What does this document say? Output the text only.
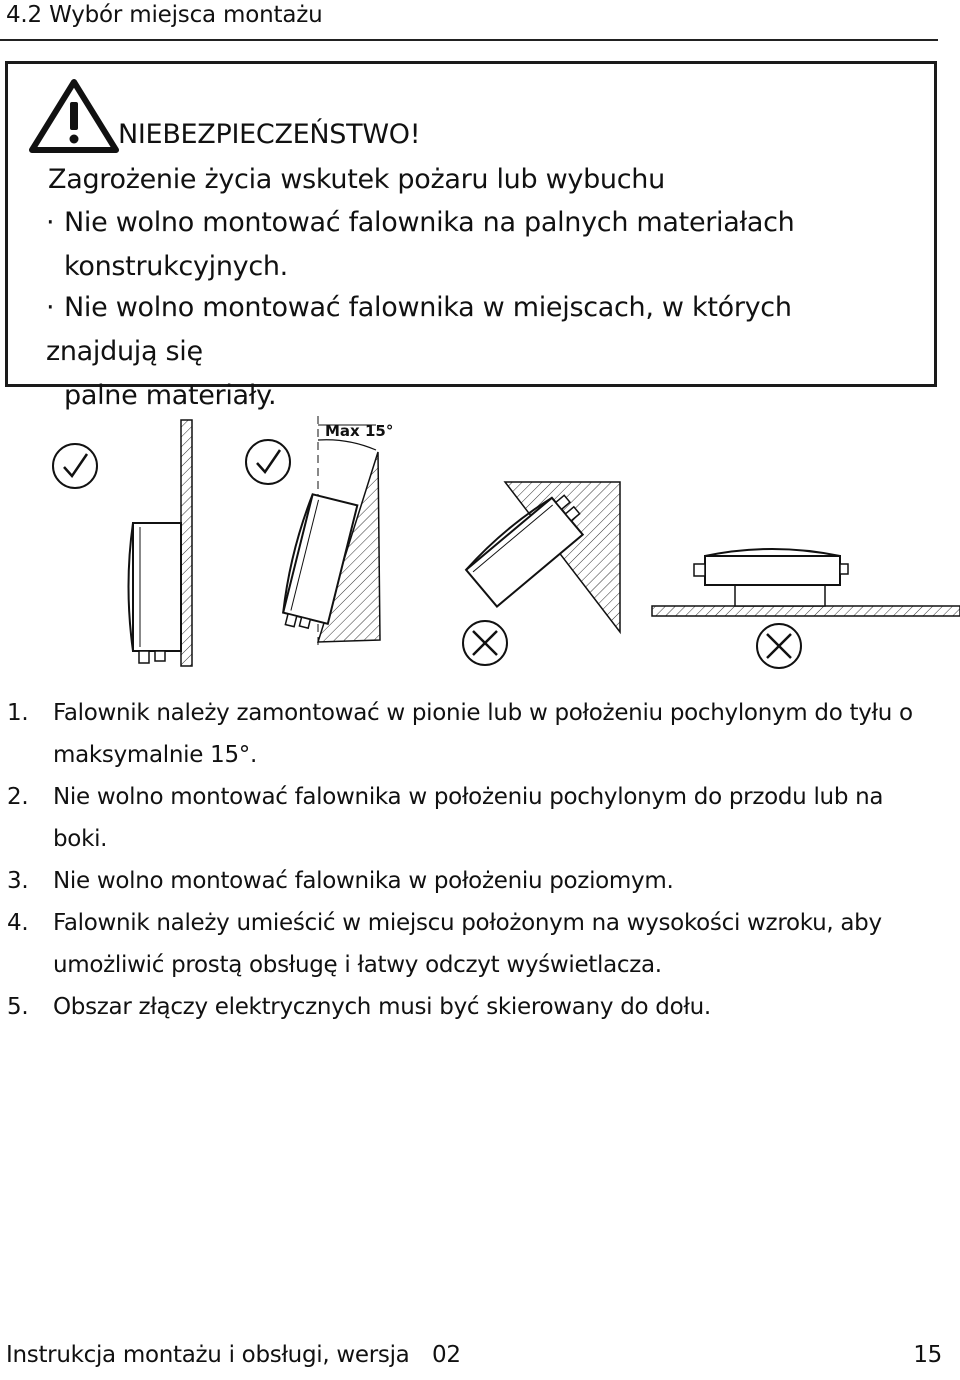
4.2 Wybór miejsca montażu
NIEBEZPIECZEŃSTWO!
Zagrożenie życia wskutek pożaru lub wybuchu
· Nie wolno montować falownika na palnych materiałach
konstrukcyjnych.
· Nie wolno montować falownika w miejscach, w których znajdują się
palne materiały.
Max 15°
1.	Falownik należy zamontować w pionie lub w położeniu pochylonym do tyłu o maksymalnie 15°.
2.	Nie wolno montować falownika w położeniu pochylonym do przodu lub na boki.
3.	Nie wolno montować falownika w położeniu poziomym.
4.	Falownik należy umieścić w miejscu położonym na wysokości wzroku, aby umożliwić prostą obsługę i łatwy odczyt wyświetlacza.
5.	Obszar złączy elektrycznych musi być skierowany do dołu.
Instrukcja montażu i obsługi, wersja 02	15
